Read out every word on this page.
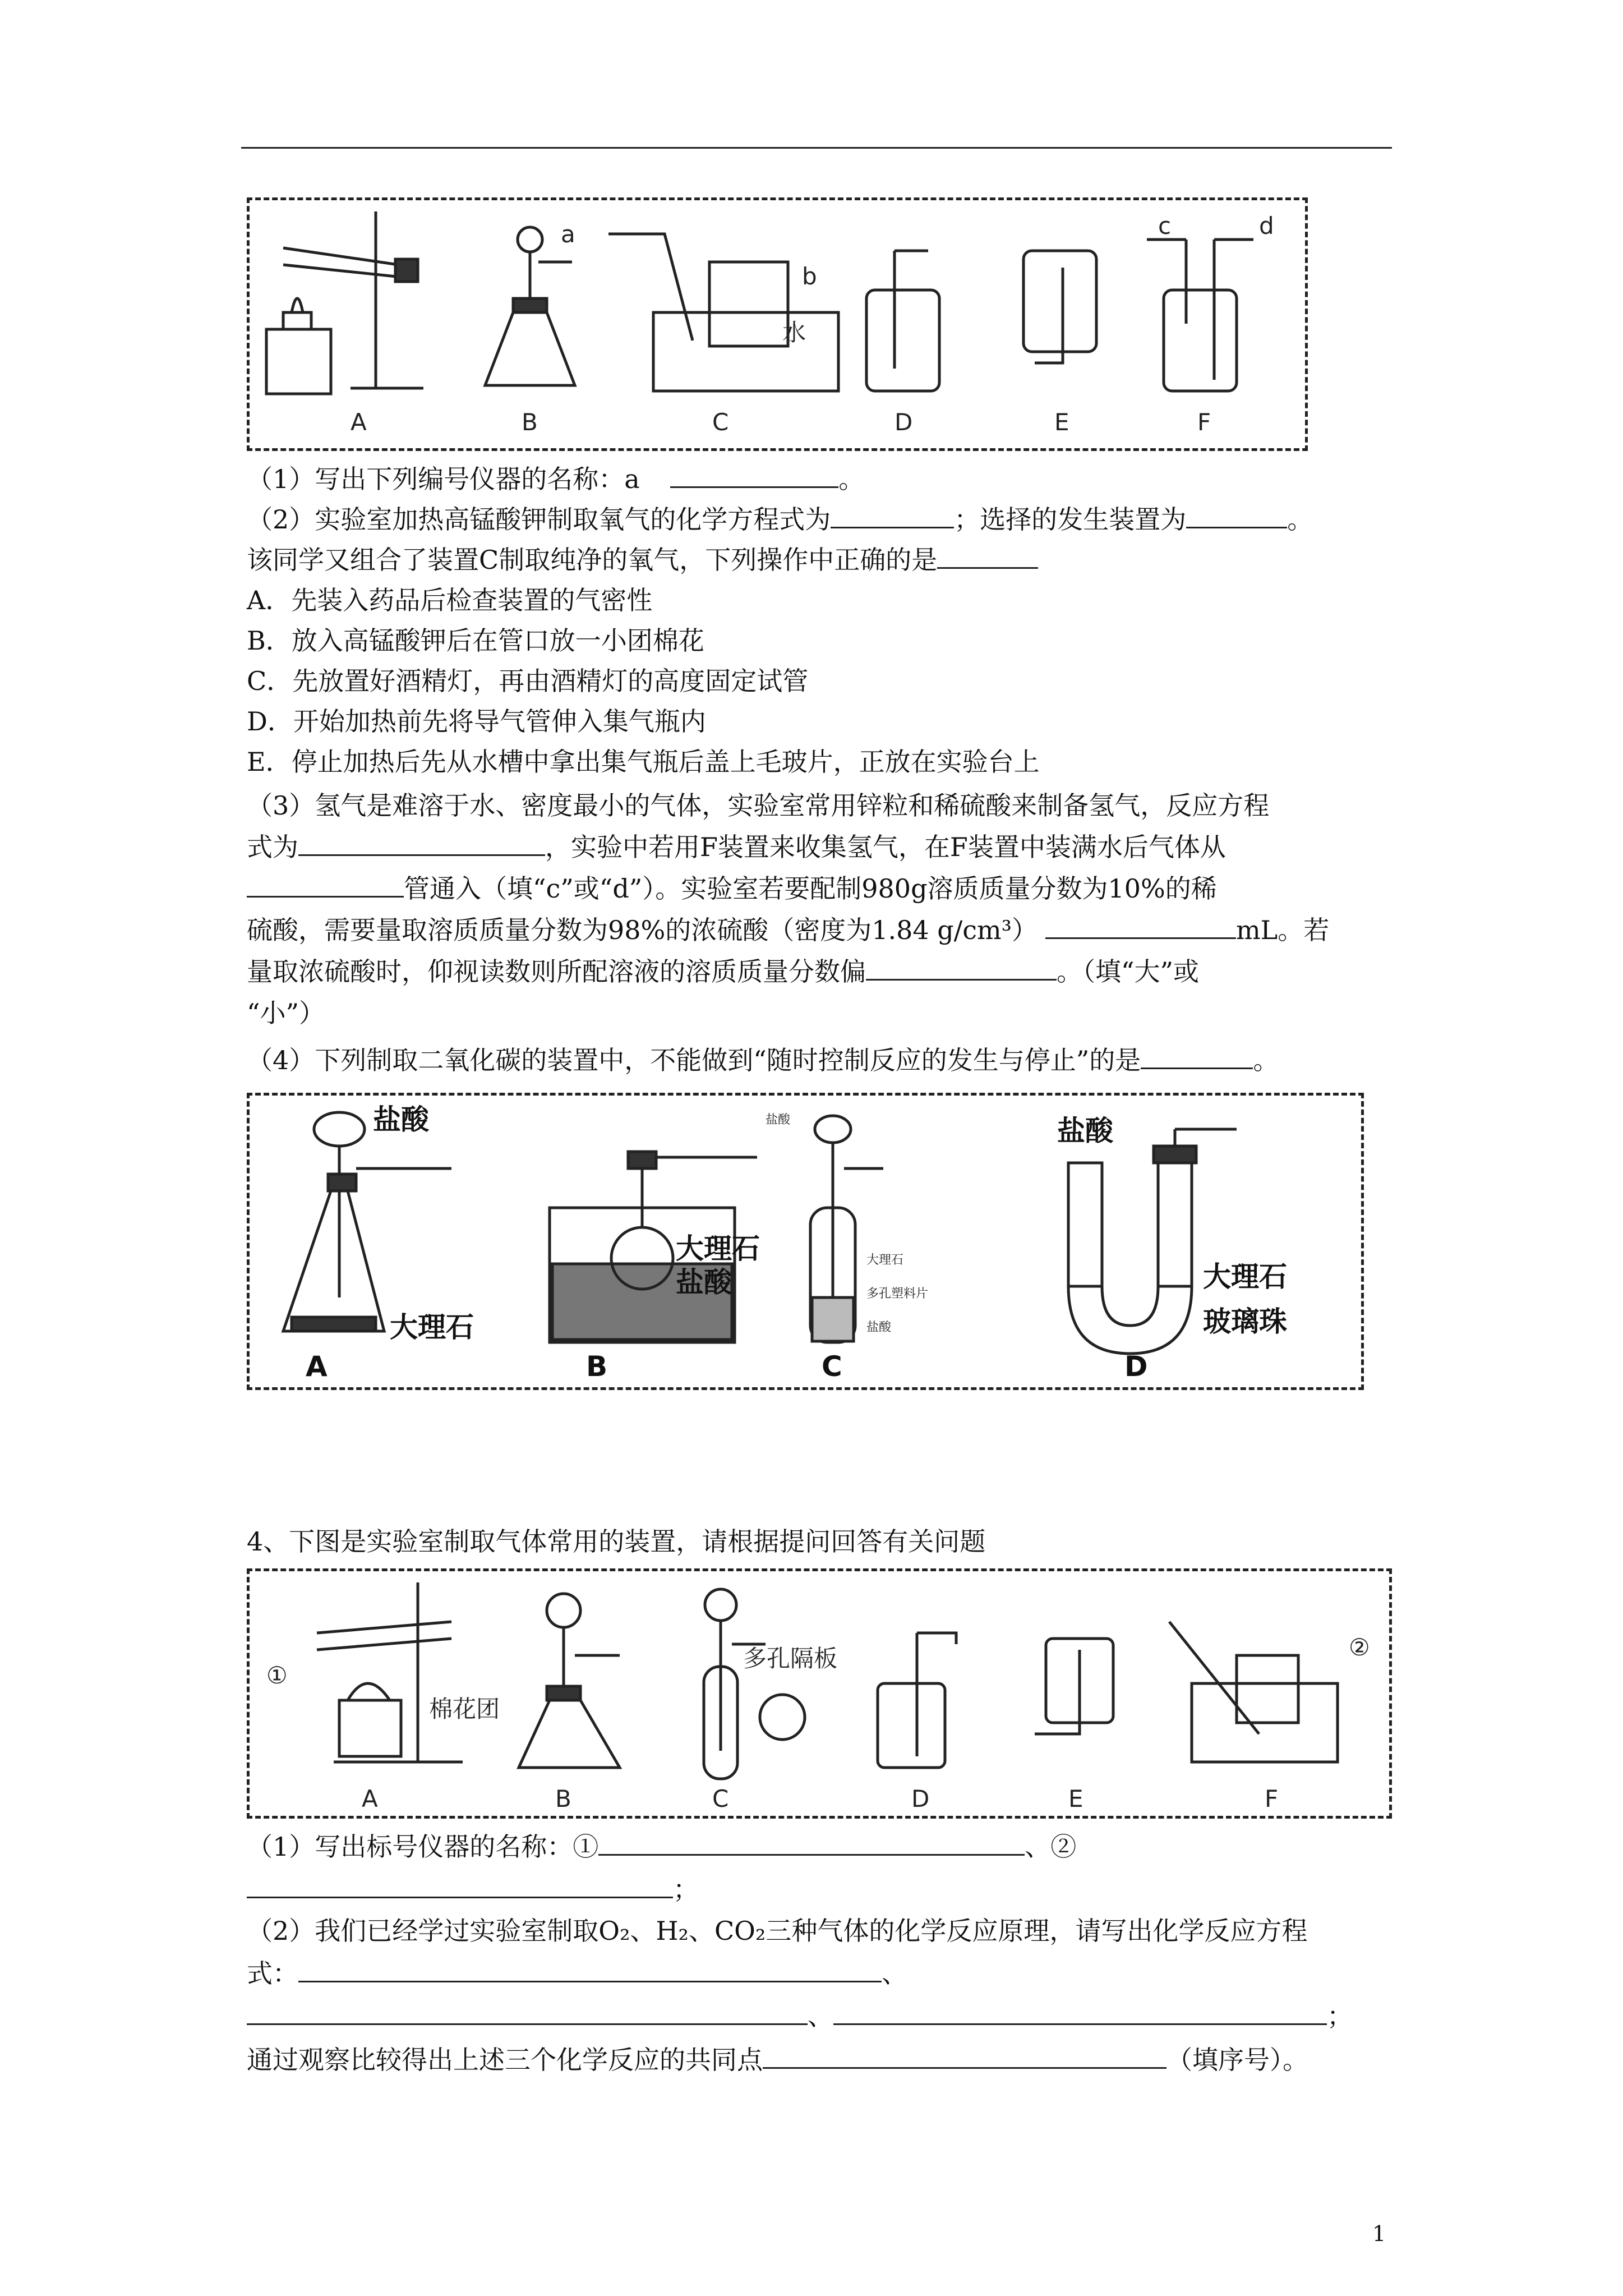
A	B	C	D	E	F
a
b
水
c	d
（1）写出下列编号仪器的名称：a	。
（2）实验室加热高锰酸钾制取氧气的化学方程式为	；选择的发生装置为	。
该同学又组合了装置C制取纯净的氧气，下列操作中正确的是
A．先装入药品后检查装置的气密性
B．放入高锰酸钾后在管口放一小团棉花
C．先放置好酒精灯，再由酒精灯的高度固定试管
D．开始加热前先将导气管伸入集气瓶内
E．停止加热后先从水槽中拿出集气瓶后盖上毛玻片，正放在实验台上
（3）氢气是难溶于水、密度最小的气体，实验室常用锌粒和稀硫酸来制备氢气，反应方程
式为	，实验中若用F装置来收集氢气，在F装置中装满水后气体从
管通入（填“c”或“d”）。实验室若要配制980g溶质质量分数为10%的稀
硫酸，需要量取溶质质量分数为98%的浓硫酸（密度为1.84 g/cm³）	mL。若
量取浓硫酸时，仰视读数则所配溶液的溶质质量分数偏	。（填“大”或
“小”）
（4）下列制取二氧化碳的装置中，不能做到“随时控制反应的发生与停止”的是	。
盐酸
大理石
大理石
盐酸
盐酸
大理石
多孔塑料片
盐酸
盐酸
大理石
玻璃珠
A	B	C	D
4、下图是实验室制取气体常用的装置，请根据提问回答有关问题
①
②
棉花团
多孔隔板
A	B	C	D	E	F
（1）写出标号仪器的名称：①	、②
；
（2）我们已经学过实验室制取O₂、H₂、CO₂三种气体的化学反应原理，请写出化学反应方程
式：	、
、	；
通过观察比较得出上述三个化学反应的共同点	（填序号）。
1
